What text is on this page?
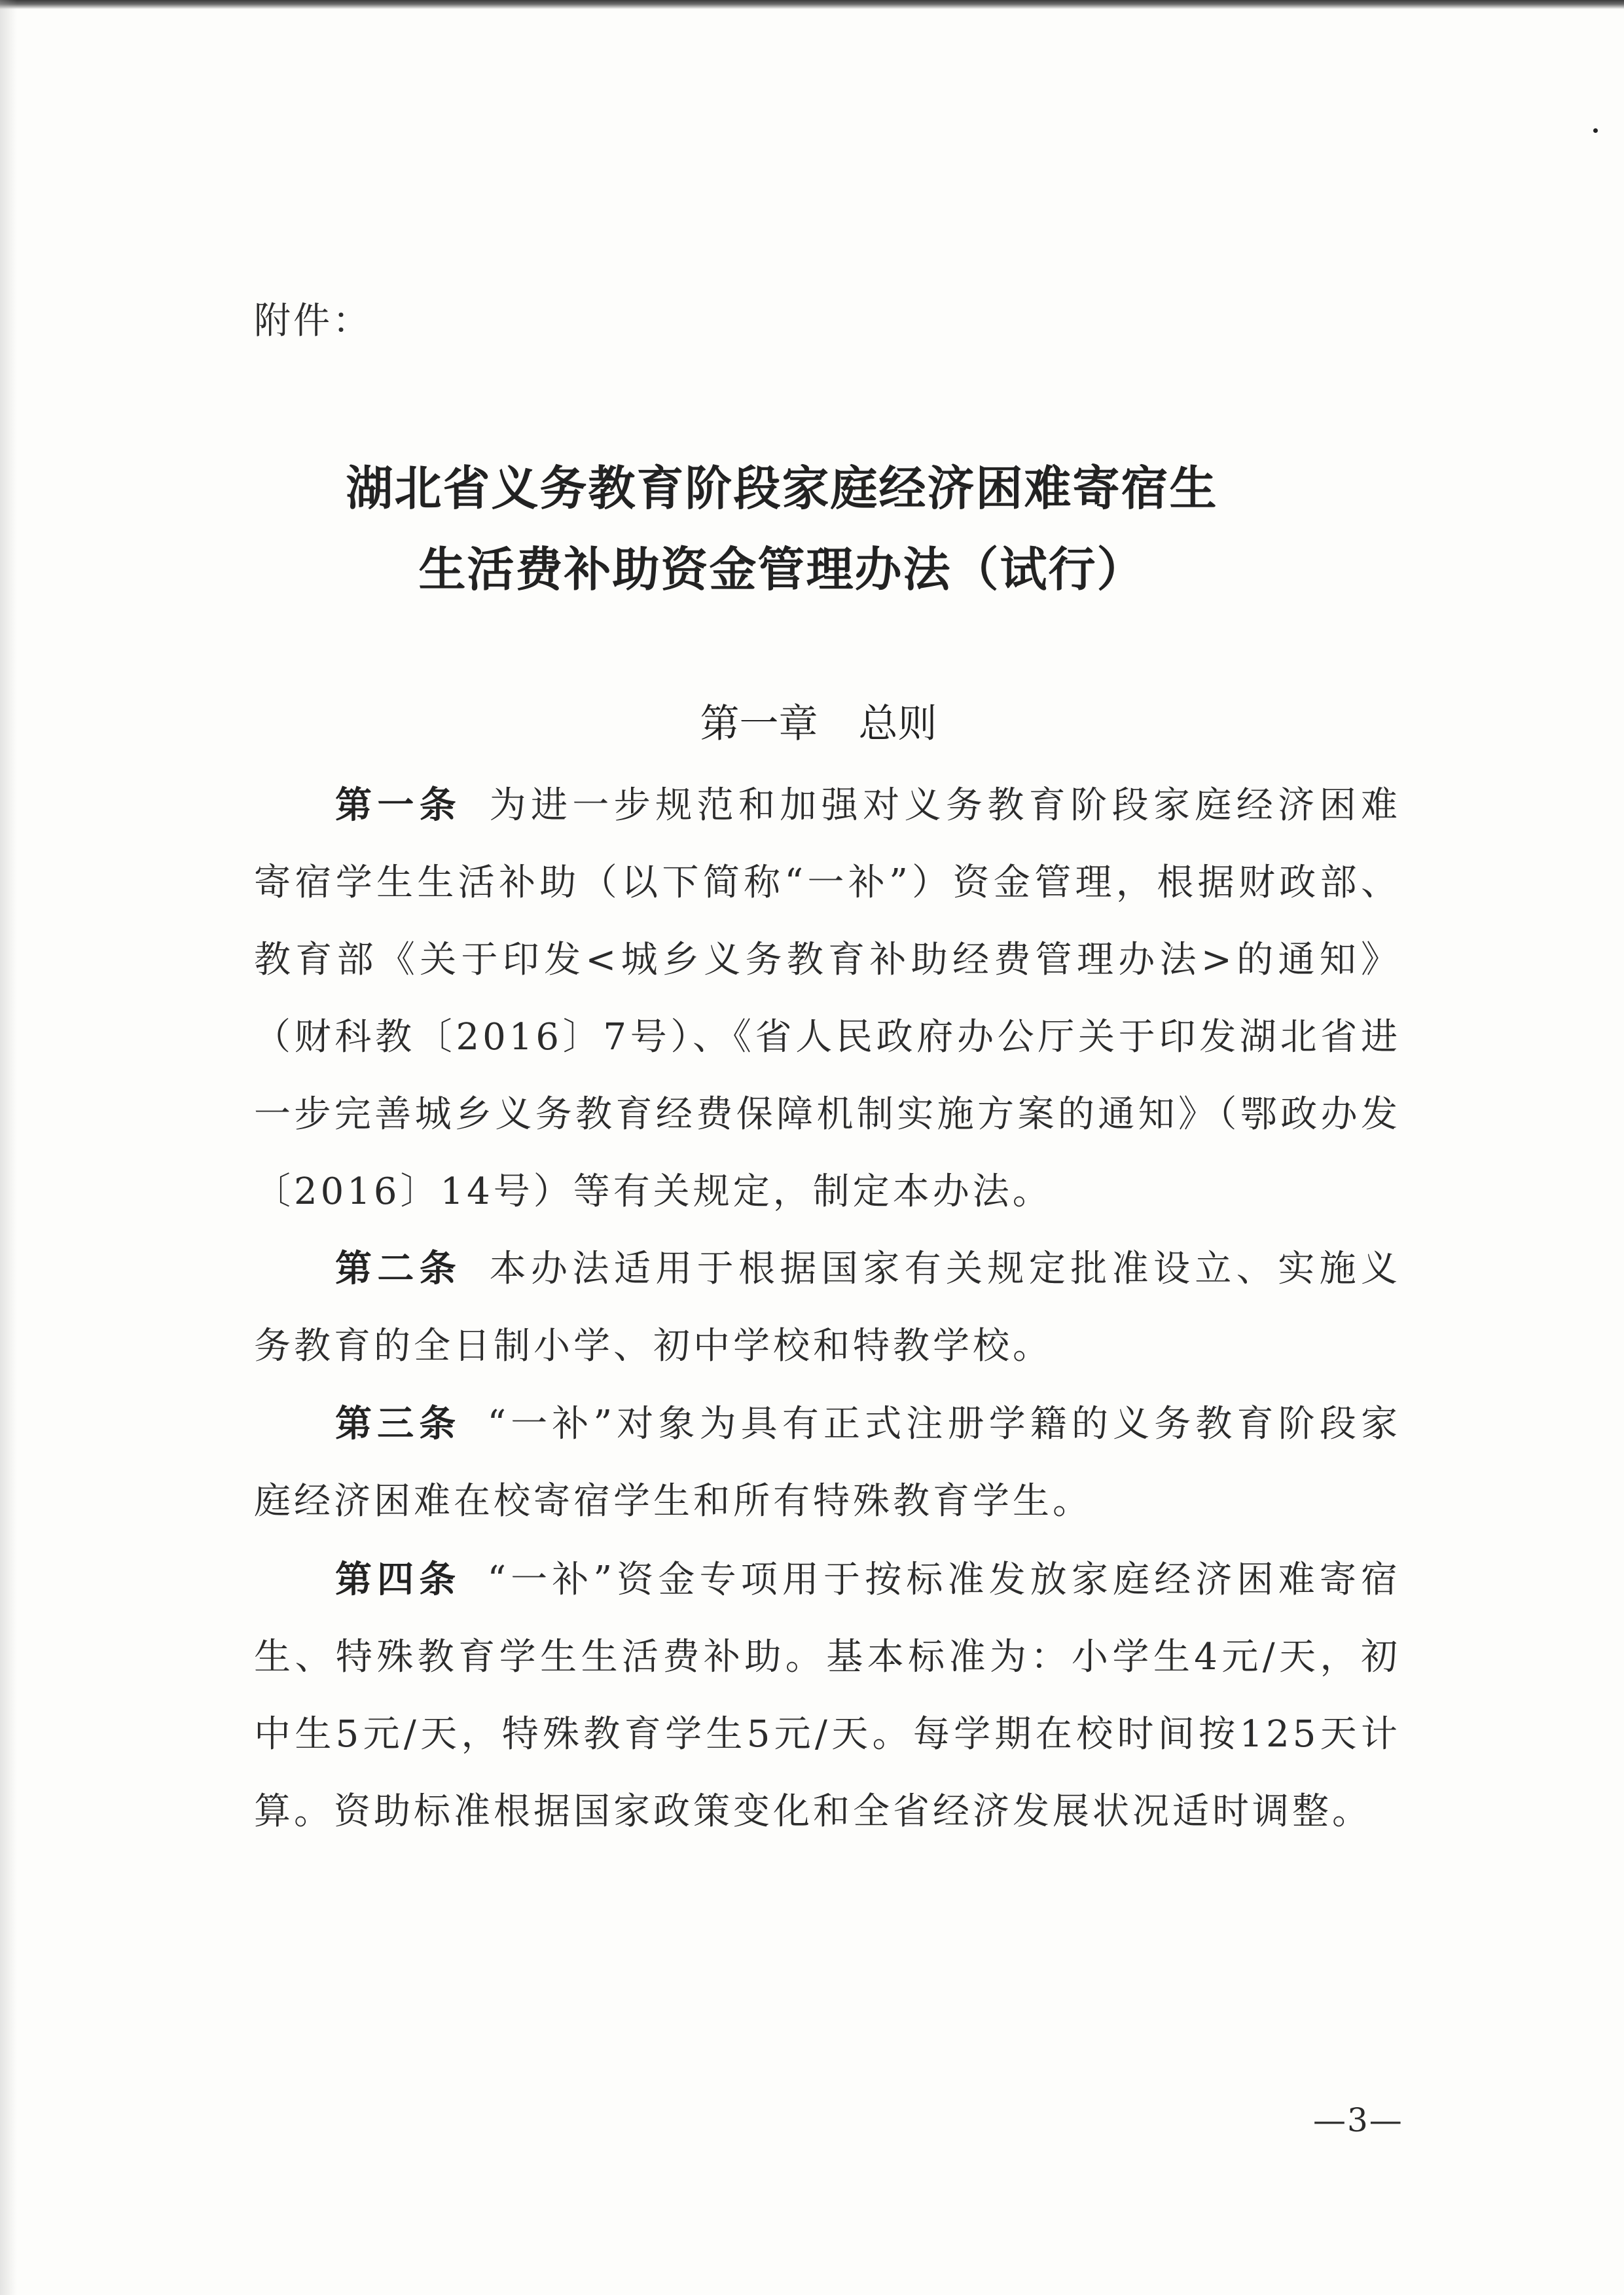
附件：
湖北省义务教育阶段家庭经济困难寄宿生
生活费补助资金管理办法（试行）
第一章 总则

第一条 为进一步规范和加强对义务教育阶段家庭经济困难寄宿学生生活补助（以下简称“一补”）资金管理，根据财政部、教育部《关于印发<城乡义务教育补助经费管理办法>的通知》（财科教〔2016〕7号）、《省人民政府办公厅关于印发湖北省进一步完善城乡义务教育经费保障机制实施方案的通知》（鄂政办发〔2016〕14号）等有关规定，制定本办法。

第二条 本办法适用于根据国家有关规定批准设立、实施义务教育的全日制小学、初中学校和特教学校。

第三条 “一补”对象为具有正式注册学籍的义务教育阶段家庭经济困难在校寄宿学生和所有特殊教育学生。

第四条 “一补”资金专项用于按标准发放家庭经济困难寄宿生、特殊教育学生生活费补助。基本标准为：小学生4元/天，初中生5元/天，特殊教育学生5元/天。每学期在校时间按125天计算。资助标准根据国家政策变化和全省经济发展状况适时调整。

—3—
